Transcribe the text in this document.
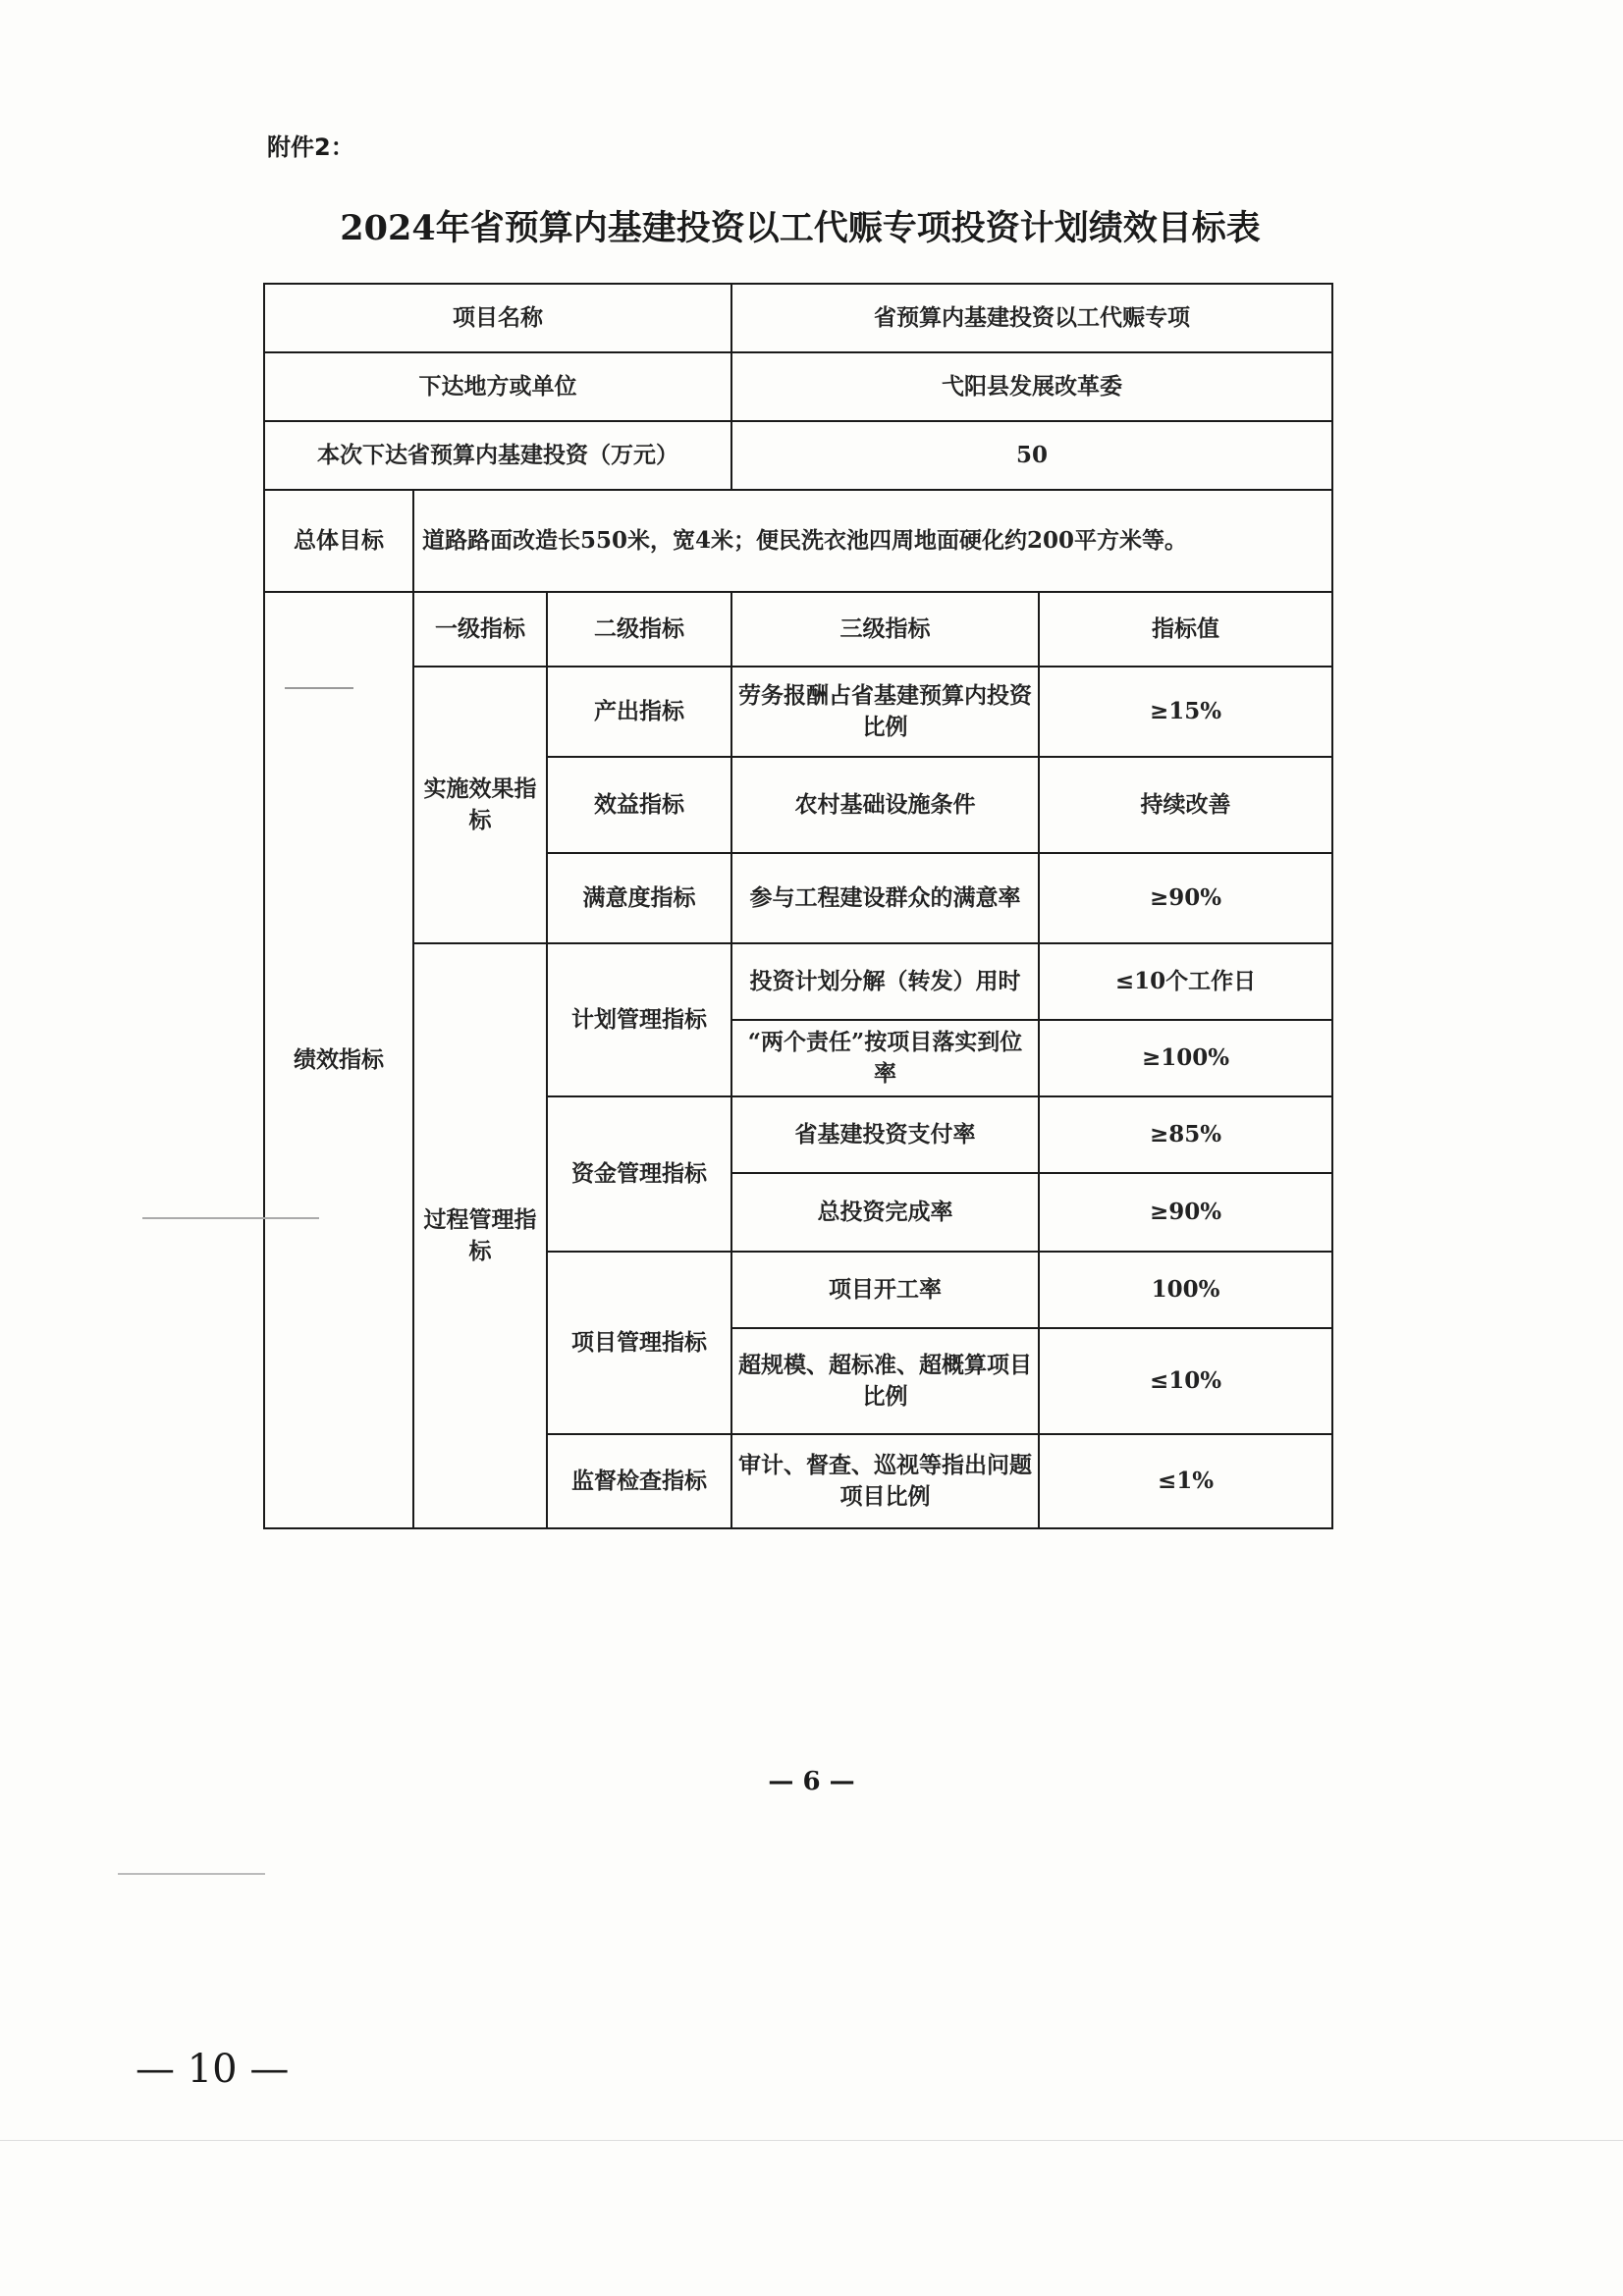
附件2：
2024年省预算内基建投资以工代赈专项投资计划绩效目标表
项目名称			省预算内基建投资以工代赈专项	
下达地方或单位			弋阳县发展改革委	
本次下达省预算内基建投资（万元）			50	
总体目标	道路路面改造长550米，宽4米；便民洗衣池四周地面硬化约200平方米等。			
绩效指标	一级指标	二级指标	三级指标	指标值
	实施效果指标	产出指标	劳务报酬占省基建预算内投资比例	≥15%
		效益指标	农村基础设施条件	持续改善
		满意度指标	参与工程建设群众的满意率	≥90%
	过程管理指标	计划管理指标	投资计划分解（转发）用时	≤10个工作日
			“两个责任”按项目落实到位率	≥100%
		资金管理指标	省基建投资支付率	≥85%
			总投资完成率	≥90%
		项目管理指标	项目开工率	100%
			超规模、超标准、超概算项目比例	≤10%
		监督检查指标	审计、督查、巡视等指出问题项目比例	≤1%
— 6 —
— 10 —
